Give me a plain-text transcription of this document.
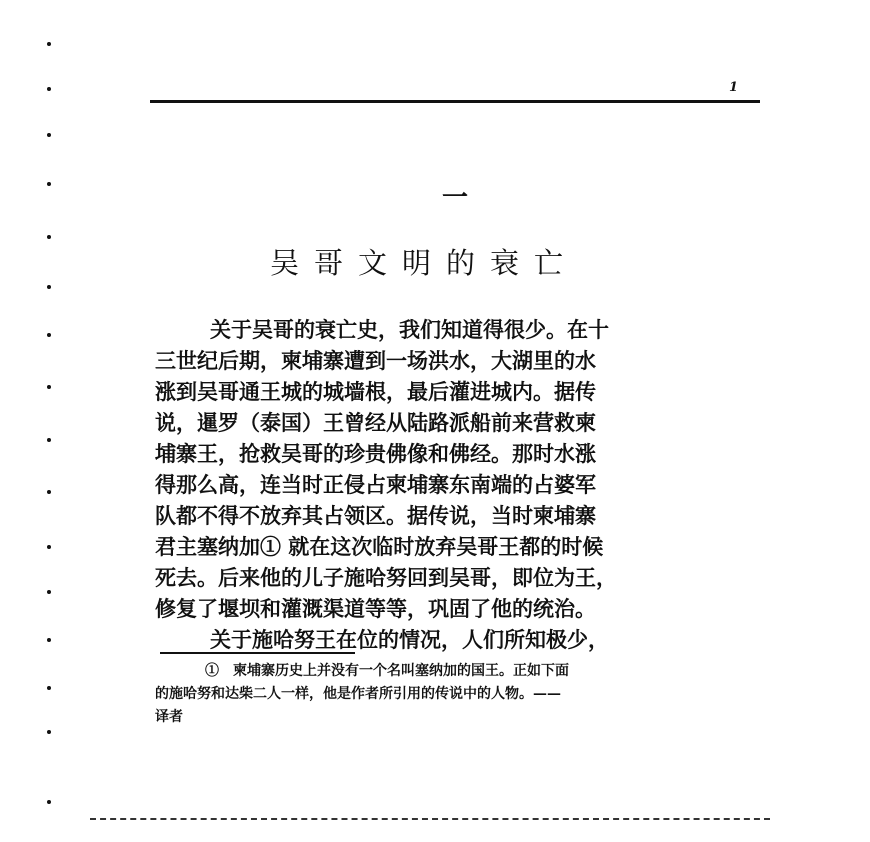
1
一
吴哥文明的衰亡
关于吴哥的衰亡史，我们知道得很少。在十
三世纪后期，柬埔寨遭到一场洪水，大湖里的水
涨到吴哥通王城的城墙根，最后灌进城内。据传
说，暹罗（泰国）王曾经从陆路派船前来营救柬
埔寨王，抢救吴哥的珍贵佛像和佛经。那时水涨
得那么高，连当时正侵占柬埔寨东南端的占婆军
队都不得不放弃其占领区。据传说，当时柬埔寨
君主塞纳加① 就在这次临时放弃吴哥王都的时候
死去。后来他的儿子施哈努回到吴哥，即位为王，
修复了堰坝和灌溉渠道等等，巩固了他的统治。
关于施哈努王在位的情况，人们所知极少，
①　柬埔寨历史上并没有一个名叫塞纳加的国王。正如下面
的施哈努和达柴二人一样，他是作者所引用的传说中的人物。——
译者
